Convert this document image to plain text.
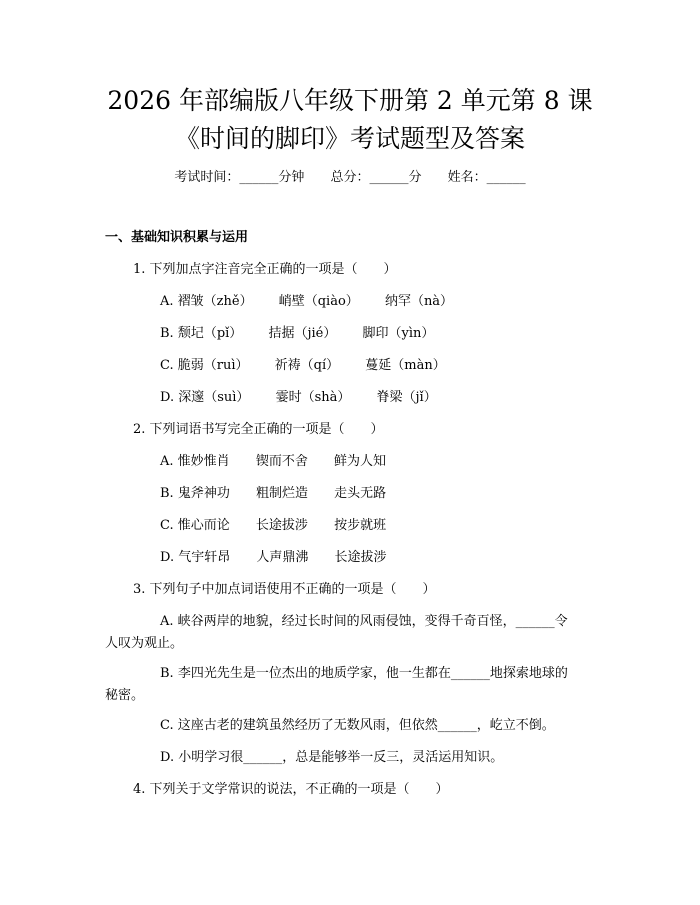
2026 年部编版八年级下册第 2 单元第 8 课
《时间的脚印》考试题型及答案
考试时间：______分钟 总分：______分 姓名：______
一、基础知识积累与运用
1. 下列加点字注音完全正确的一项是（　　）
A. 褶皱（zhě） 峭壁（qiào） 纳罕（nà）
B. 颓圮（pǐ） 拮据（jié） 脚印（yìn）
C. 脆弱（ruì） 祈祷（qí） 蔓延（màn）
D. 深邃（suì） 霎时（shà） 脊梁（jǐ）
2. 下列词语书写完全正确的一项是（　　）
A. 惟妙惟肖 锲而不舍 鲜为人知
B. 鬼斧神功 粗制烂造 走头无路
C. 惟心而论 长途拔涉 按步就班
D. 气宇轩昂 人声鼎沸 长途拔涉
3. 下列句子中加点词语使用不正确的一项是（　　）
A. 峡谷两岸的地貌，经过长时间的风雨侵蚀，变得千奇百怪，______令
人叹为观止。
B. 李四光先生是一位杰出的地质学家，他一生都在______地探索地球的
秘密。
C. 这座古老的建筑虽然经历了无数风雨，但依然______，屹立不倒。
D. 小明学习很______，总是能够举一反三，灵活运用知识。
4. 下列关于文学常识的说法，不正确的一项是（　　）
